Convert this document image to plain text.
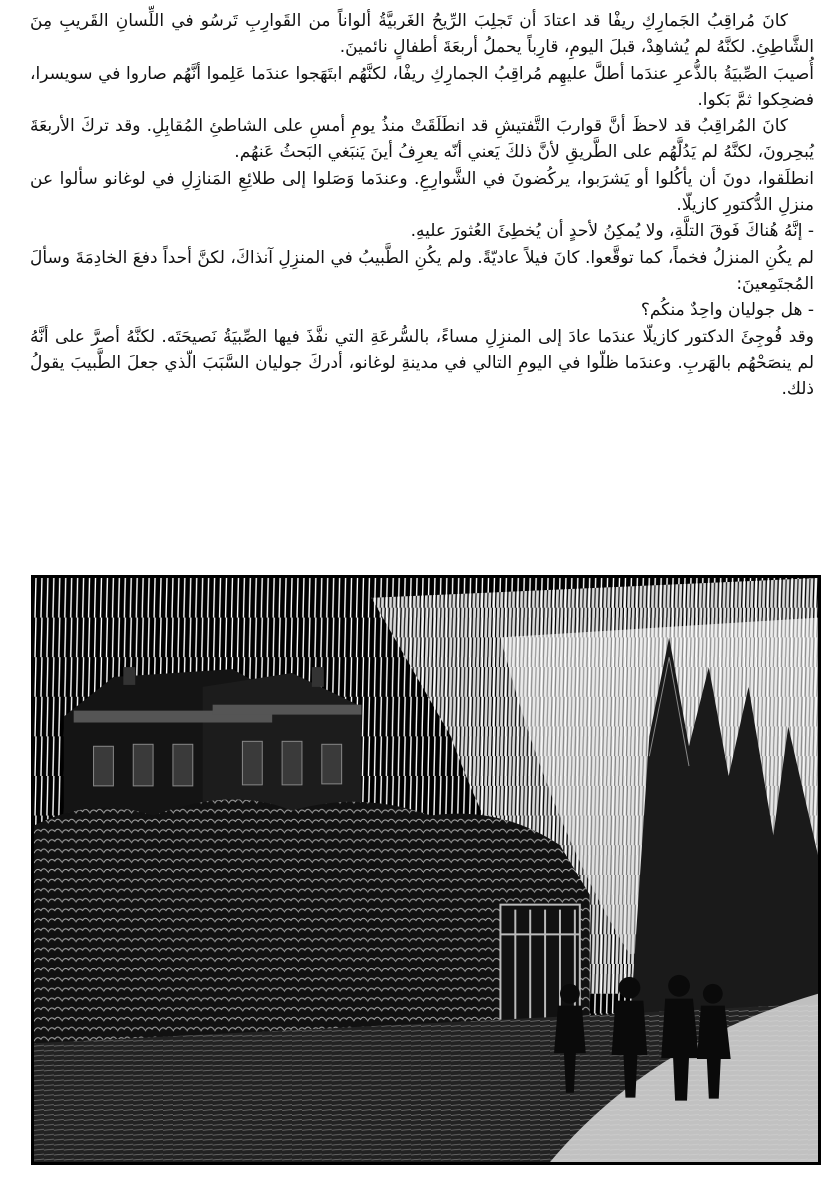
كانَ مُراقِبُ الجَمارِكِ ريفْا قد اعتادَ أن تَجلِبَ الرِّيحُ الغَربيَّةُ ألواناً من القَوارِبِ تَرسُو في اللِّسانِ القَريبِ مِنَ الشَّاطِئِ. لكنَّهُ لم يُشاهِدْ، قبلَ اليومِ، قارِباً يحملُ أربعَةَ أطفالٍ نائمينَ.

أُصيبَ الصِّبيَةُ بالذُّعرِ عندَما أطلَّ عليهِم مُراقِبُ الجمارِكِ ريفْا، لكنَّهُم ابتَهَجوا عندَما عَلِموا أنَّهُم صاروا في سويسرا، فضحِكوا ثمَّ بَكوا.

كانَ المُراقِبُ قد لاحظَ أنَّ قواربَ التَّفتيشِ قد انطَلَقَتْ منذُ يومِ أمسِ على الشاطئِ المُقابِلِ. وقد تركَ الأربعَةَ يُبحِرونَ، لكنَّهُ لم يَدُلَّهُم على الطَّريقِ لأنَّ ذلكَ يَعني أنّه يعرِفُ أينَ يَنبَغي البَحثُ عَنهُم.

انطلَقوا، دونَ أن يأكُلوا أو يَشرَبوا، يركُضونَ في الشَّوارِعِ. وعندَما وَصَلوا إلى طلائِعِ المَنازِلِ في لوغانو سألوا عن منزلِ الدُّكتورِ كازيلّا.

- إنَّهُ هُناكَ فَوقَ التلَّةِ، ولا يُمكِنُ لأحدٍ أن يُخطِئَ العُثورَ عليهِ.

لم يكُنِ المنزلُ فخماً، كما توقَّعوا. كانَ فيلاً عاديّةً. ولم يكُنِ الطَّبيبُ في المنزِلِ آنذاكَ، لكنَّ أحداً دفعَ الخادِمَةَ وسألَ المُجتَمِعينَ:

- هل جوليان واحِدٌ منكُم؟

وقد فُوجِئَ الدكتور كازيلّا عندَما عادَ إلى المنزِلِ مساءً، بالسُّرعَةِ التي نفَّذَ فيها الصِّبيَةُ نَصيحَتَه. لكنَّهُ أصرَّ على أنَّهُ لم ينصَحْهُم بالهَربِ. وعندَما ظلّوا في اليومِ التالي في مدينةِ لوغانو، أدركَ جوليان السَّبَبَ الّذي جعلَ الطَّبيبَ يقولُ ذلك.
